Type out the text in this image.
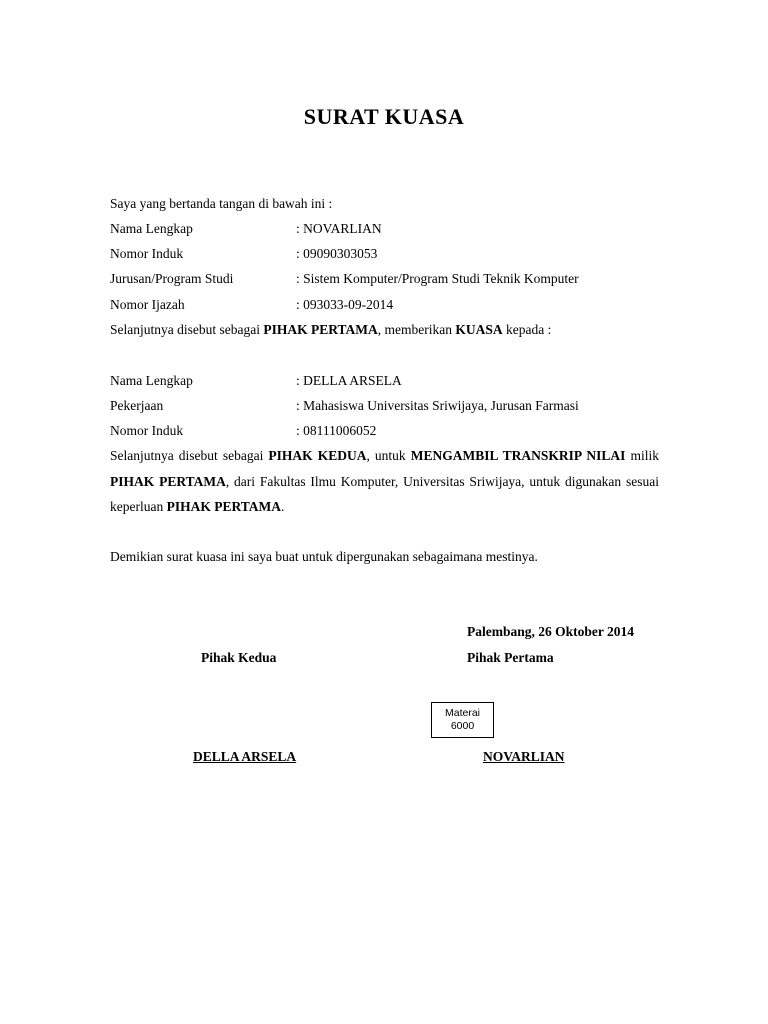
SURAT KUASA
Saya yang bertanda tangan di bawah ini :
Nama Lengkap	: NOVARLIAN
Nomor Induk	: 09090303053
Jurusan/Program Studi	: Sistem Komputer/Program Studi Teknik Komputer
Nomor Ijazah	: 093033-09-2014
Selanjutnya disebut sebagai PIHAK PERTAMA, memberikan KUASA kepada :
Nama Lengkap	: DELLA ARSELA
Pekerjaan	: Mahasiswa Universitas Sriwijaya, Jurusan Farmasi
Nomor Induk	: 08111006052
Selanjutnya disebut sebagai PIHAK KEDUA, untuk MENGAMBIL TRANSKRIP NILAI milik PIHAK PERTAMA, dari Fakultas Ilmu Komputer, Universitas Sriwijaya, untuk digunakan sesuai keperluan PIHAK PERTAMA.
Demikian surat kuasa ini saya buat untuk dipergunakan sebagaimana mestinya.
Palembang, 26 Oktober 2014
Pihak Kedua	Pihak Pertama
Materai
6000
DELLA ARSELA	NOVARLIAN
